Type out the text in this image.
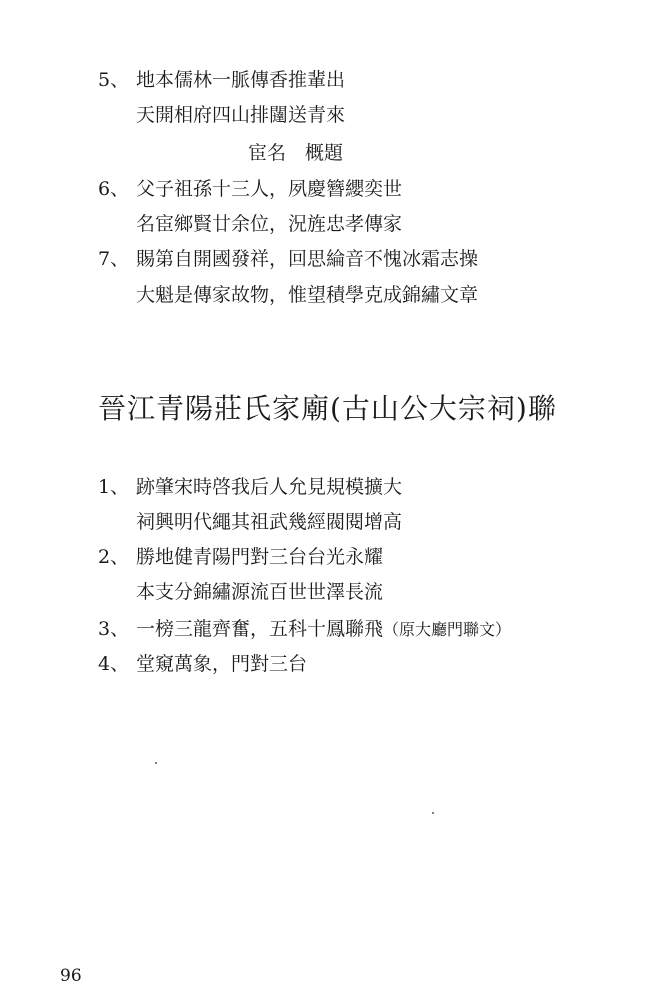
5、 地本儒林一脈傳香推輩出
天開相府四山排闥送青來
宦名　概題
6、 父子祖孫十三人，夙慶簪纓奕世
名宦鄉賢廿余位，況旌忠孝傳家
7、 賜第自開國發祥，回思綸音不愧冰霜志操
大魁是傳家故物，惟望積學克成錦繡文章
晉江青陽莊氏家廟(古山公大宗祠)聯
1、 跡肇宋時啓我后人允見規模擴大
祠興明代繩其祖武幾經閥閱增高
2、 勝地健青陽門對三台台光永耀
本支分錦繡源流百世世澤長流
3、 一榜三龍齊奮，五科十鳳聯飛（原大廳門聯文）
4、 堂窺萬象，門對三台
96
